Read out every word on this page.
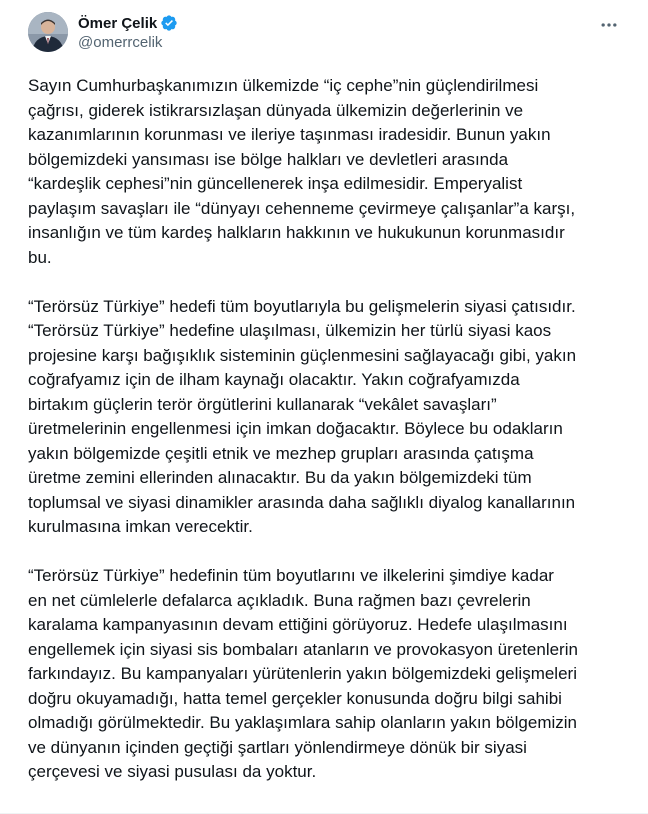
Ömer Çelik
@omerrcelik

Sayın Cumhurbaşkanımızın ülkemizde “iç cephe”nin güçlendirilmesi
çağrısı, giderek istikrarsızlaşan dünyada ülkemizin değerlerinin ve
kazanımlarının korunması ve ileriye taşınması iradesidir. Bunun yakın
bölgemizdeki yansıması ise bölge halkları ve devletleri arasında
“kardeşlik cephesi”nin güncellenerek inşa edilmesidir. Emperyalist
paylaşım savaşları ile “dünyayı cehenneme çevirmeye çalışanlar”a karşı,
insanlığın ve tüm kardeş halkların hakkının ve hukukunun korunmasıdır
bu.

“Terörsüz Türkiye” hedefi tüm boyutlarıyla bu gelişmelerin siyasi çatısıdır.
“Terörsüz Türkiye” hedefine ulaşılması, ülkemizin her türlü siyasi kaos
projesine karşı bağışıklık sisteminin güçlenmesini sağlayacağı gibi, yakın
coğrafyamız için de ilham kaynağı olacaktır. Yakın coğrafyamızda
birtakım güçlerin terör örgütlerini kullanarak “vekâlet savaşları”
üretmelerinin engellenmesi için imkan doğacaktır. Böylece bu odakların
yakın bölgemizde çeşitli etnik ve mezhep grupları arasında çatışma
üretme zemini ellerinden alınacaktır. Bu da yakın bölgemizdeki tüm
toplumsal ve siyasi dinamikler arasında daha sağlıklı diyalog kanallarının
kurulmasına imkan verecektir.

“Terörsüz Türkiye” hedefinin tüm boyutlarını ve ilkelerini şimdiye kadar
en net cümlelerle defalarca açıkladık. Buna rağmen bazı çevrelerin
karalama kampanyasının devam ettiğini görüyoruz. Hedefe ulaşılmasını
engellemek için siyasi sis bombaları atanların ve provokasyon üretenlerin
farkındayız. Bu kampanyaları yürütenlerin yakın bölgemizdeki gelişmeleri
doğru okuyamadığı, hatta temel gerçekler konusunda doğru bilgi sahibi
olmadığı görülmektedir. Bu yaklaşımlara sahip olanların yakın bölgemizin
ve dünyanın içinden geçtiği şartları yönlendirmeye dönük bir siyasi
çerçevesi ve siyasi pusulası da yoktur.
